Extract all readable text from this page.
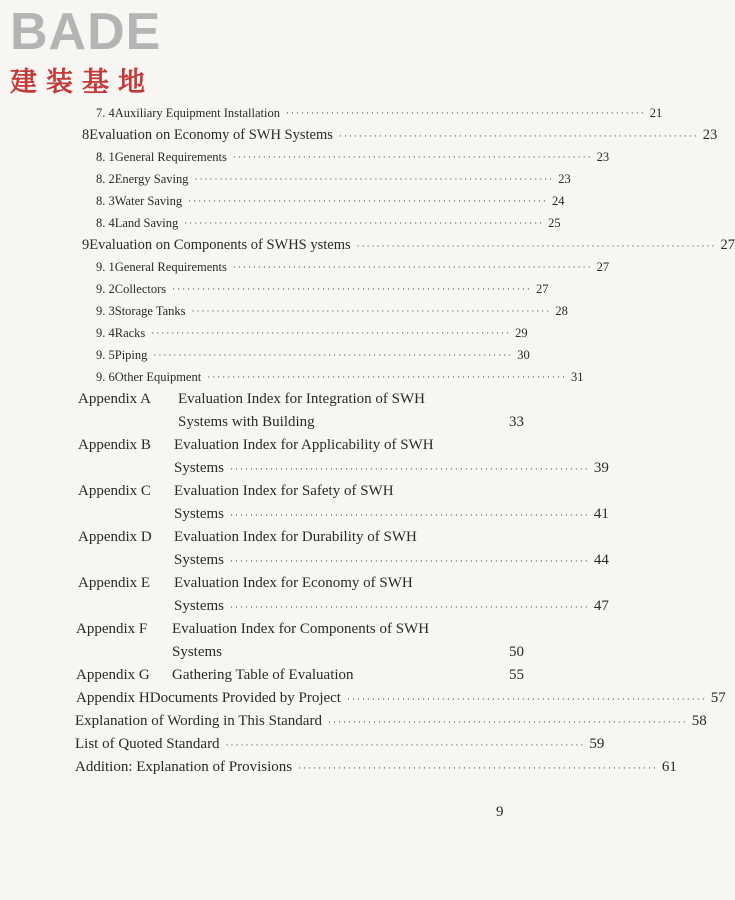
BADE
建装基地
7. 4 Auxiliary Equipment Installation ········································································ 21
8 Evaluation on Economy of SWH Systems ········································································ 23
8. 1 General Requirements ········································································ 23
8. 2 Energy Saving ········································································ 23
8. 3 Water Saving ········································································ 24
8. 4 Land Saving ········································································ 25
9 Evaluation on Components of SWHS ystems ········································································ 27
9. 1 General Requirements ········································································ 27
9. 2 Collectors ········································································ 27
9. 3 Storage Tanks ········································································ 28
9. 4 Racks ········································································ 29
9. 5 Piping ········································································ 30
9. 6 Other Equipment ········································································ 31
Appendix A	Evaluation Index for Integration of SWH
Systems with Building	33
Appendix B	Evaluation Index for Applicability of SWH
Systems ········································································ 39
Appendix C	Evaluation Index for Safety of SWH
Systems ········································································ 41
Appendix D	Evaluation Index for Durability of SWH
Systems ········································································ 44
Appendix E	Evaluation Index for Economy of SWH
Systems ········································································ 47
Appendix F	Evaluation Index for Components of SWH
Systems	50
Appendix G	Gathering Table of Evaluation	55
Appendix H Documents Provided by Project ········································································ 57
Explanation of Wording in This Standard ········································································ 58
List of Quoted Standard ········································································ 59
Addition: Explanation of Provisions ········································································ 61
9
